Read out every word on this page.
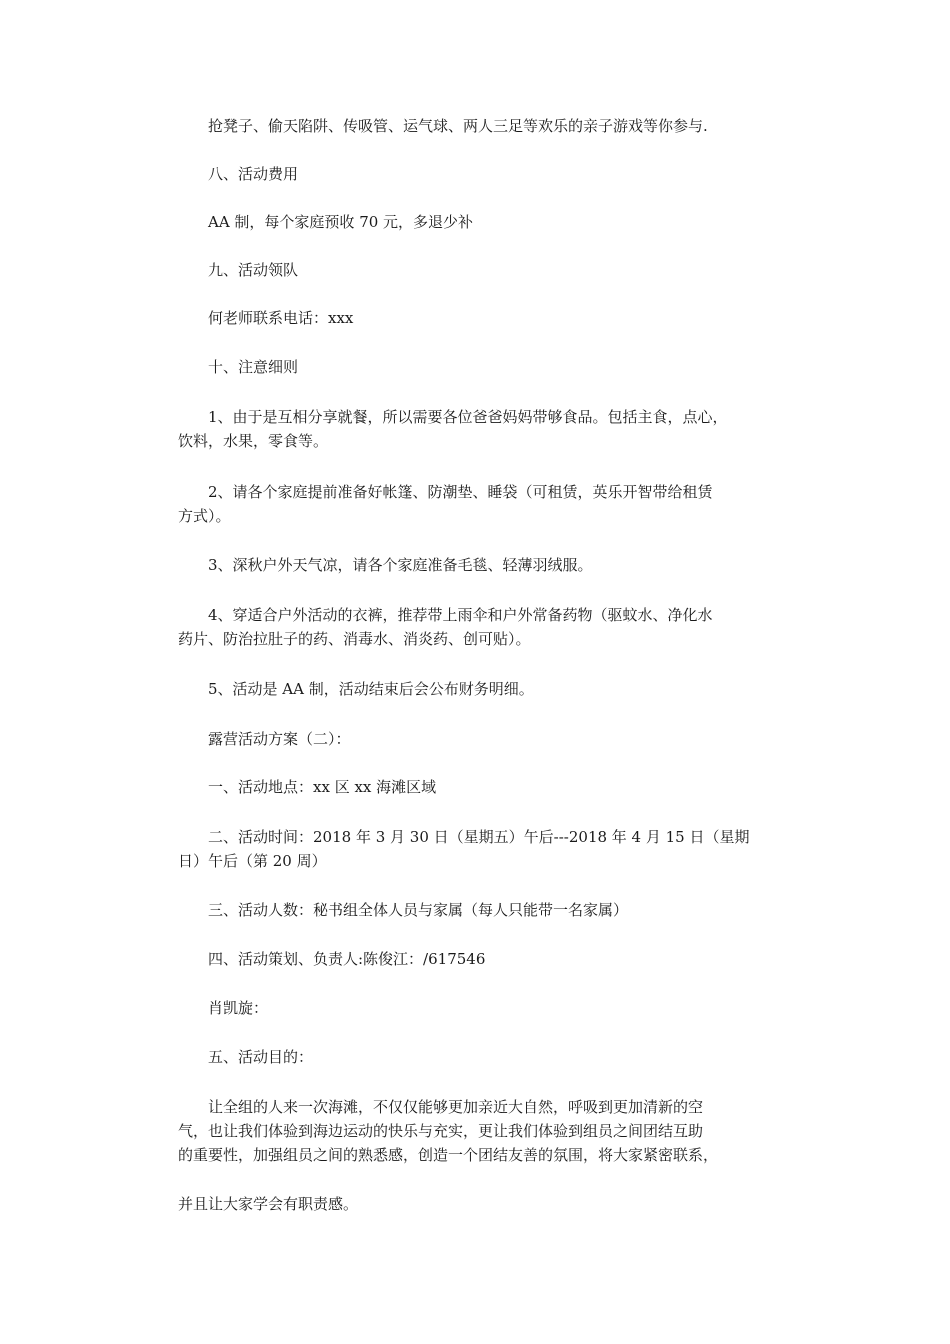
抢凳子、偷天陷阱、传吸管、运气球、两人三足等欢乐的亲子游戏等你参与.

八、活动费用

AA 制，每个家庭预收 70 元，多退少补

九、活动领队

何老师联系电话：xxx

十、注意细则

1、由于是互相分享就餐，所以需要各位爸爸妈妈带够食品。包括主食，点心，
饮料，水果，零食等。

2、请各个家庭提前准备好帐篷、防潮垫、睡袋（可租赁，英乐开智带给租赁
方式）。

3、深秋户外天气凉，请各个家庭准备毛毯、轻薄羽绒服。

4、穿适合户外活动的衣裤，推荐带上雨伞和户外常备药物（驱蚊水、净化水
药片、防治拉肚子的药、消毒水、消炎药、创可贴）。

5、活动是 AA 制，活动结束后会公布财务明细。

露营活动方案（二）：

一、活动地点：xx 区 xx 海滩区域

二、活动时间：2018 年 3 月 30 日（星期五）午后---2018 年 4 月 15 日（星期
日）午后（第 20 周）

三、活动人数：秘书组全体人员与家属（每人只能带一名家属）

四、活动策划、负责人:陈俊江：/617546

肖凯旋：

五、活动目的：

让全组的人来一次海滩，不仅仅能够更加亲近大自然，呼吸到更加清新的空
气，也让我们体验到海边运动的快乐与充实，更让我们体验到组员之间团结互助
的重要性，加强组员之间的熟悉感，创造一个团结友善的氛围，将大家紧密联系，

并且让大家学会有职责感。
